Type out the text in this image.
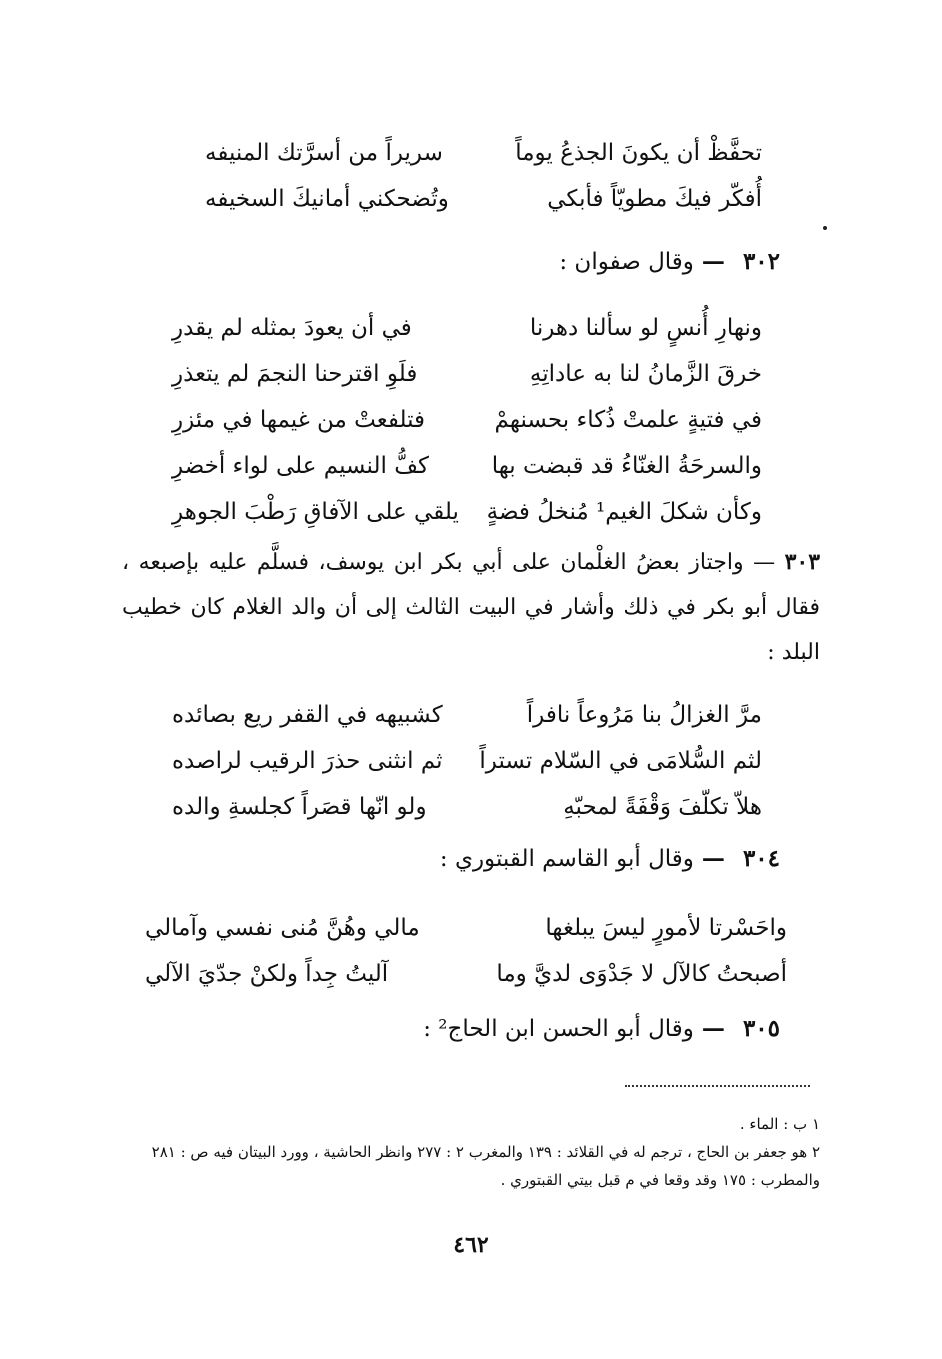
تحفَّظْ أن يكونَ الجذعُ يوماً
سريراً من أسرَّتك المنيفه
أُفكّر فيكَ مطويّاً فأبكي
وتُضحكني أمانيكَ السخيفه
٣٠٢ — وقال صفوان :
ونهارِ أُنسٍ لو سألنا دهرنا
في أن يعودَ بمثله لم يقدرِ
خرقَ الزَّمانُ لنا به عاداتِهِ
فلَوِ اقترحنا النجمَ لم يتعذرِ
في فتيةٍ علمتْ ذُكاء بحسنهمْ
فتلفعتْ من غيمها في مئزرِ
والسرحَةُ الغنّاءُ قد قبضت بها
كفُّ النسيم على لواء أخضرِ
وكأن شكلَ الغيم¹ مُنخلُ فضةٍ
يلقي على الآفاقِ رَطْبَ الجوهرِ
٣٠٣ — واجتاز بعضُ الغلْمان على أبي بكر ابن يوسف، فسلَّم عليه بإصبعه ، فقال أبو بكر في ذلك وأشار في البيت الثالث إلى أن والد الغلام كان خطيب البلد :
مرَّ الغزالُ بنا مَرُوعاً نافراً
كشبيهه في القفر ريع بصائده
لثم السُّلامَى في السّلام تستراً
ثم انثنى حذرَ الرقيب لراصده
هلاّ تكلّفَ وَقْفَةً لمحبّهِ
ولو انّها قصَراً كجلسةِ والده
٣٠٤ — وقال أبو القاسم القبتوري :
واحَسْرتا لأمورٍ ليسَ يبلغها
مالي وهُنَّ مُنى نفسي وآمالي
أصبحتُ كالآل لا جَدْوَى لديَّ وما
آليتُ جِداً ولكنْ جدّيَ الآلي
٣٠٥ — وقال أبو الحسن ابن الحاج² :

١ ب : الماء .

٢ هو جعفر بن الحاج ، ترجم له في القلائد : ١٣٩ والمغرب ٢ : ٢٧٧ وانظر الحاشية ، وورد البيتان فيه ص : ٢٨١ والمطرب : ١٧٥ وقد وقعا في م قبل بيتي القبتوري .

٤٦٢
